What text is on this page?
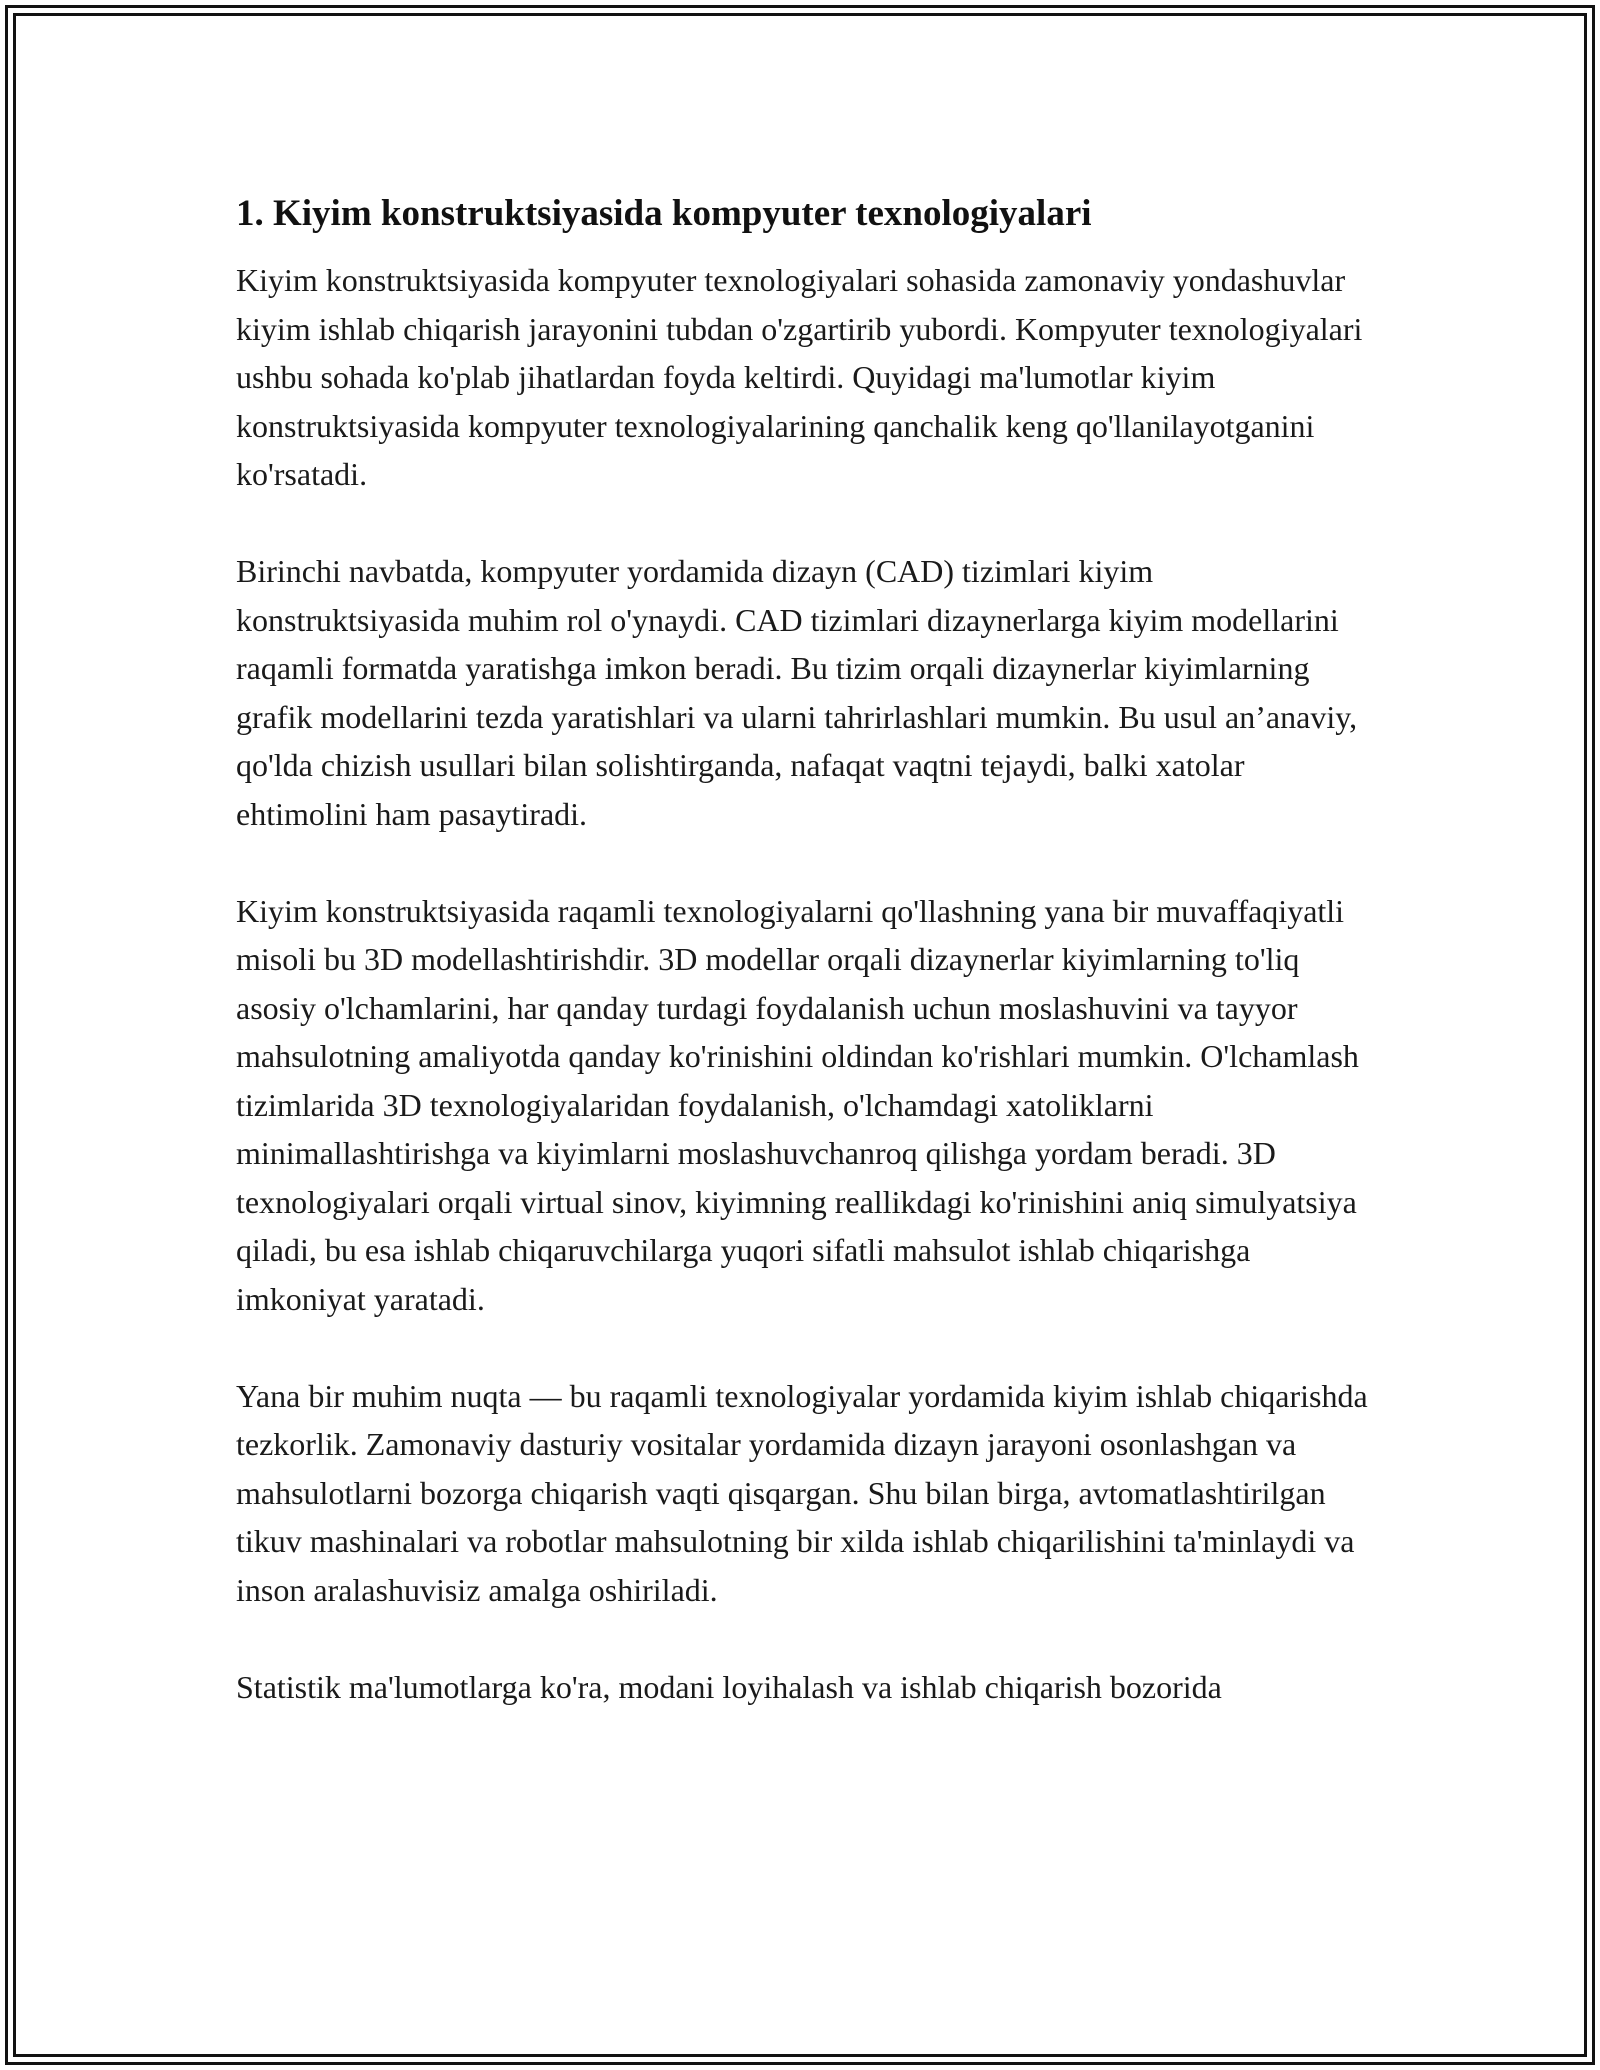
1. Kiyim konstruktsiyasida kompyuter texnologiyalari

Kiyim konstruktsiyasida kompyuter texnologiyalari sohasida zamonaviy yondashuvlar kiyim ishlab chiqarish jarayonini tubdan o'zgartirib yubordi. Kompyuter texnologiyalari ushbu sohada ko'plab jihatlardan foyda keltirdi. Quyidagi ma'lumotlar kiyim konstruktsiyasida kompyuter texnologiyalarining qanchalik keng qo'llanilayotganini ko'rsatadi.

Birinchi navbatda, kompyuter yordamida dizayn (CAD) tizimlari kiyim konstruktsiyasida muhim rol o'ynaydi. CAD tizimlari dizaynerlarga kiyim modellarini raqamli formatda yaratishga imkon beradi. Bu tizim orqali dizaynerlar kiyimlarning grafik modellarini tezda yaratishlari va ularni tahrirlashlari mumkin. Bu usul an’anaviy, qo'lda chizish usullari bilan solishtirganda, nafaqat vaqtni tejaydi, balki xatolar ehtimolini ham pasaytiradi.

Kiyim konstruktsiyasida raqamli texnologiyalarni qo'llashning yana bir muvaffaqiyatli misoli bu 3D modellashtirishdir. 3D modellar orqali dizaynerlar kiyimlarning to'liq asosiy o'lchamlarini, har qanday turdagi foydalanish uchun moslashuvini va tayyor mahsulotning amaliyotda qanday ko'rinishini oldindan ko'rishlari mumkin. O'lchamlash tizimlarida 3D texnologiyalaridan foydalanish, o'lchamdagi xatoliklarni minimallashtirishga va kiyimlarni moslashuvchanroq qilishga yordam beradi. 3D texnologiyalari orqali virtual sinov, kiyimning reallikdagi ko'rinishini aniq simulyatsiya qiladi, bu esa ishlab chiqaruvchilarga yuqori sifatli mahsulot ishlab chiqarishga imkoniyat yaratadi.

Yana bir muhim nuqta — bu raqamli texnologiyalar yordamida kiyim ishlab chiqarishda tezkorlik. Zamonaviy dasturiy vositalar yordamida dizayn jarayoni osonlashgan va mahsulotlarni bozorga chiqarish vaqti qisqargan. Shu bilan birga, avtomatlashtirilgan tikuv mashinalari va robotlar mahsulotning bir xilda ishlab chiqarilishini ta'minlaydi va inson aralashuvisiz amalga oshiriladi.

Statistik ma'lumotlarga ko'ra, modani loyihalash va ishlab chiqarish bozorida
